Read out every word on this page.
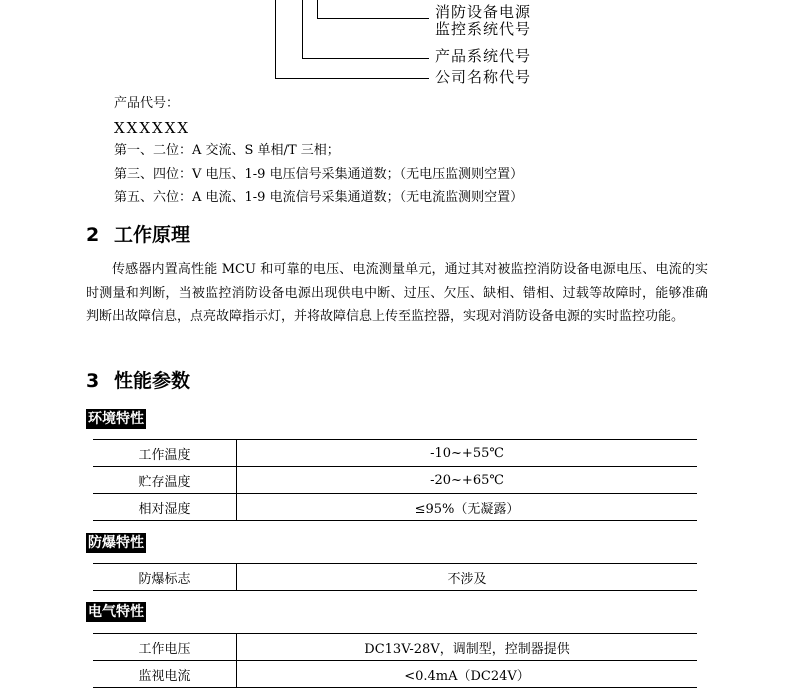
消防设备电源
监控系统代号
产品系统代号
公司名称代号
产品代号：
XXXXXX
第一、二位：A 交流、S 单相/T 三相；
第三、四位：V 电压、1-9 电压信号采集通道数；（无电压监测则空置）
第五、六位：A 电流、1-9 电流信号采集通道数；（无电流监测则空置）
2 工作原理
传感器内置高性能 MCU 和可靠的电压、电流测量单元，通过其对被监控消防设备电源电压、电流的实时测量和判断，当被监控消防设备电源出现供电中断、过压、欠压、缺相、错相、过载等故障时，能够准确判断出故障信息，点亮故障指示灯，并将故障信息上传至监控器，实现对消防设备电源的实时监控功能。
3 性能参数
环境特性
工作温度	-10~+55℃
贮存温度	-20~+65℃
相对湿度	≤95%（无凝露）
防爆特性
防爆标志	不涉及
电气特性
工作电压	DC13V-28V，调制型，控制器提供
监视电流	<0.4mA（DC24V）
